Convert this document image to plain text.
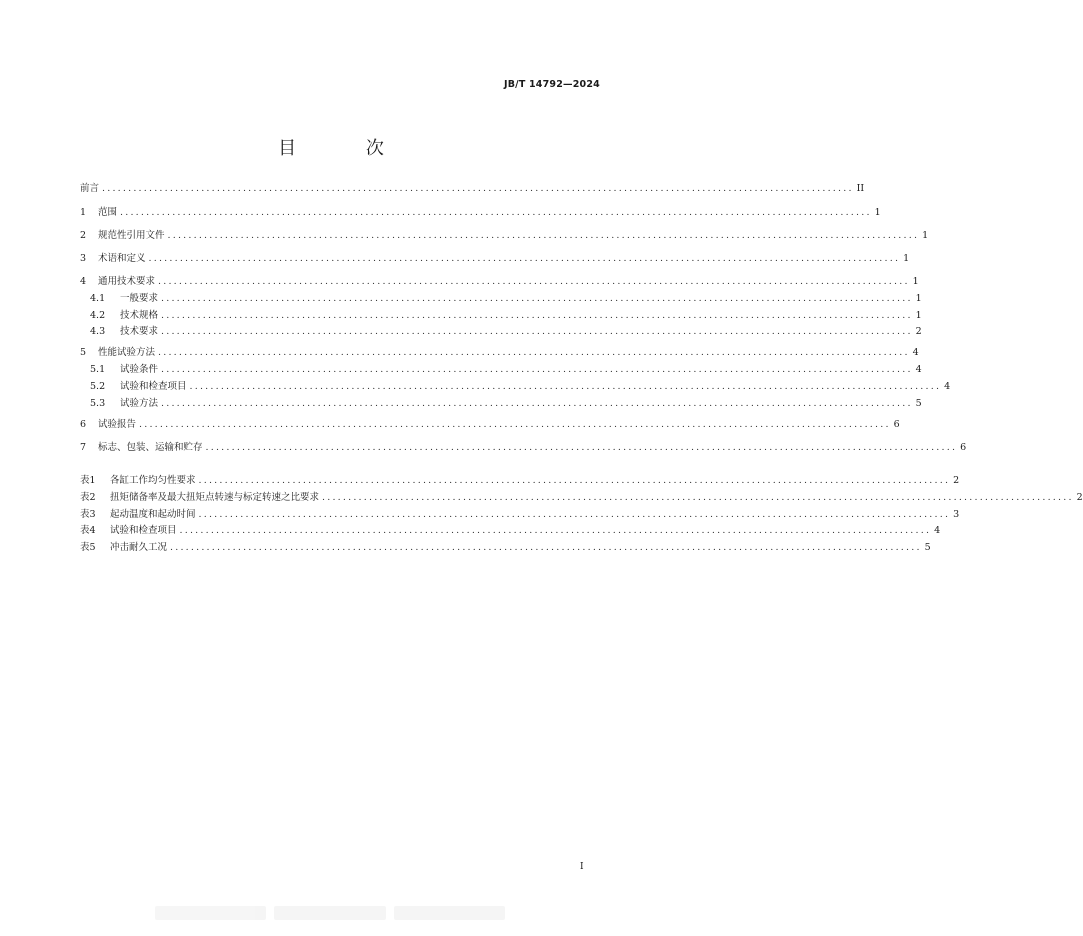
JB/T 14792—2024
目 次
前言 ................................................................................................................................................ II
1	范围 ................................................................................................................................................ 1
2	规范性引用文件 ................................................................................................................................................ 1
3	术语和定义 ................................................................................................................................................ 1
4	通用技术要求 ................................................................................................................................................ 1
4.1	一般要求 ................................................................................................................................................ 1
4.2	技术规格 ................................................................................................................................................ 1
4.3	技术要求 ................................................................................................................................................ 2
5	性能试验方法 ................................................................................................................................................ 4
5.1	试验条件 ................................................................................................................................................ 4
5.2	试验和检查项目 ................................................................................................................................................ 4
5.3	试验方法 ................................................................................................................................................ 5
6	试验报告 ................................................................................................................................................ 6
7	标志、包装、运输和贮存 ................................................................................................................................................ 6
表1	各缸工作均匀性要求 ................................................................................................................................................ 2
表2	扭矩储备率及最大扭矩点转速与标定转速之比要求 ................................................................................................................................................ 2
表3	起动温度和起动时间 ................................................................................................................................................ 3
表4	试验和检查项目 ................................................................................................................................................ 4
表5	冲击耐久工况 ................................................................................................................................................ 5
I
